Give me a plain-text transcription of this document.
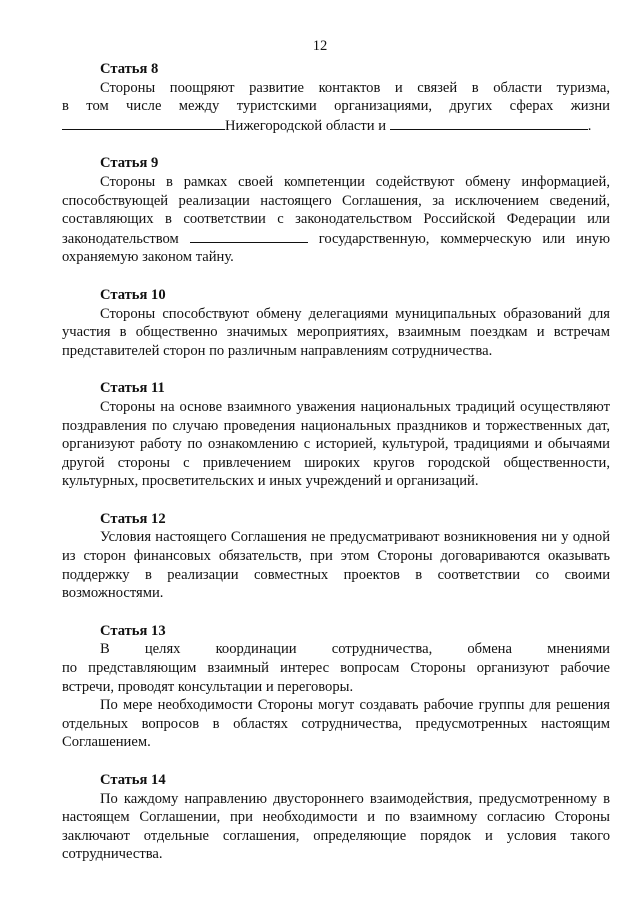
12
Статья 8

Стороны поощряют развитие контактов и связей в области туризма,

в том числе между туристскими организациями, других сферах жизни

Нижегородской области и	.

Статья 9

Стороны в рамках своей компетенции содействуют обмену информацией, способствующей реализации настоящего Соглашения, за исключением сведений, составляющих в соответствии с законодательством Российской Федерации или законодательством	государственную, коммерческую или иную охраняемую законом тайну.

Статья 10

Стороны способствуют обмену делегациями муниципальных образований для участия в общественно значимых мероприятиях, взаимным поездкам и встречам представителей сторон по различным направлениям сотрудничества.

Статья 11

Стороны на основе взаимного уважения национальных традиций осуществляют поздравления по случаю проведения национальных праздников и торжественных дат, организуют работу по ознакомлению с историей, культурой, традициями и обычаями другой стороны с привлечением широких кругов городской общественности, культурных, просветительских и иных учреждений и организаций.

Статья 12

Условия настоящего Соглашения не предусматривают возникновения ни у одной из сторон финансовых обязательств, при этом Стороны договариваются оказывать поддержку в реализации совместных проектов в соответствии со своими возможностями.

Статья 13

В целях координации сотрудничества, обмена мнениями

по представляющим взаимный интерес вопросам Стороны организуют рабочие встречи, проводят консультации и переговоры.

По мере необходимости Стороны могут создавать рабочие группы для решения отдельных вопросов в областях сотрудничества, предусмотренных настоящим Соглашением.

Статья 14

По каждому направлению двустороннего взаимодействия, предусмотренному в настоящем Соглашении, при необходимости и по взаимному согласию Стороны заключают отдельные соглашения, определяющие порядок и условия такого сотрудничества.
